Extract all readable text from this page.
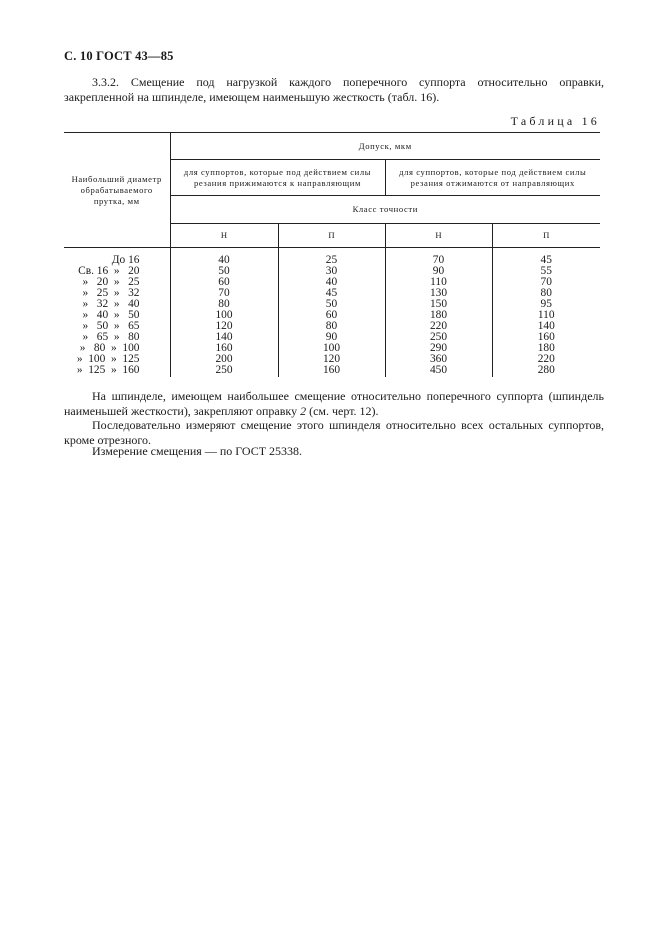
С. 10 ГОСТ 43—85
3.3.2. Смещение под нагрузкой каждого поперечного суппорта относительно оправки, закрепленной на шпинделе, имеющем наименьшую жесткость (табл. 16).
Таблица 16
Наибольший диаметр обрабатываемого прутка, мм	Допуск, мкм			
	для суппортов, которые под действием силы резания прижимаются к направляющим		для суппортов, которые под действием силы резания отжимаются от направляющих	
	Класс точности			
	Н	П	Н	П
До 16	40	25	70	45
Св. 16  »   20	50	30	90	55
»   20  »   25	60	40	110	70
»   25  »   32	70	45	130	80
»   32  »   40	80	50	150	95
»   40  »   50	100	60	180	110
»   50  »   65	120	80	220	140
»   65  »   80	140	90	250	160
»   80  »  100	160	100	290	180
»  100  »  125	200	120	360	220
»  125  »  160	250	160	450	280
На шпинделе, имеющем наибольшее смещение относительно поперечного суппорта (шпиндель наименьшей жесткости), закрепляют оправку 2 (см. черт. 12).
Последовательно измеряют смещение этого шпинделя относительно всех остальных суппортов, кроме отрезного.
Измерение смещения — по ГОСТ 25338.
